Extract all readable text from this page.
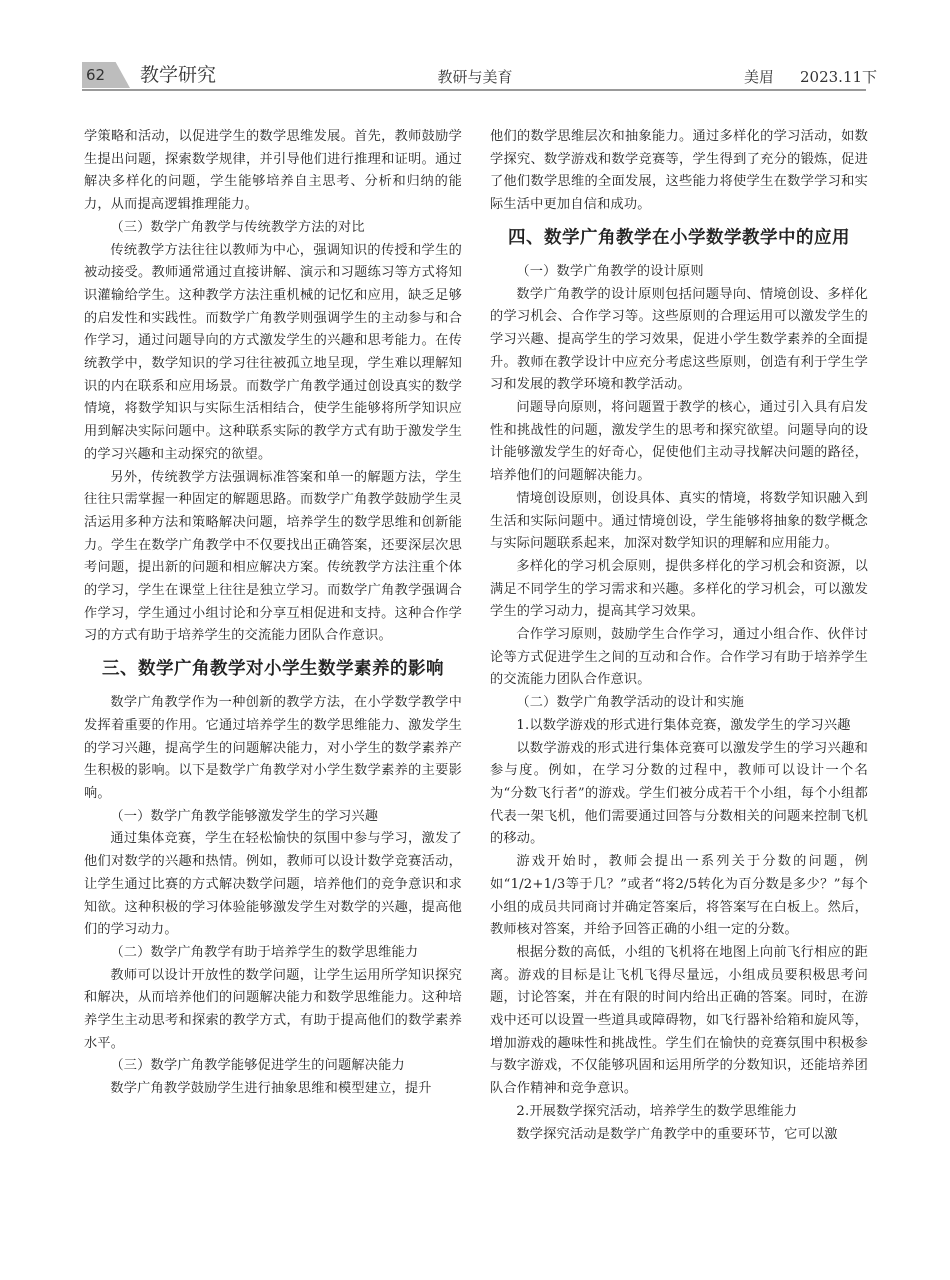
62	教学研究	教研与美育	美眉 2023.11下

学策略和活动，以促进学生的数学思维发展。首先，教师鼓励学生提出问题，探索数学规律，并引导他们进行推理和证明。通过解决多样化的问题，学生能够培养自主思考、分析和归纳的能力，从而提高逻辑推理能力。

（三）数学广角教学与传统教学方法的对比

传统教学方法往往以教师为中心，强调知识的传授和学生的被动接受。教师通常通过直接讲解、演示和习题练习等方式将知识灌输给学生。这种教学方法注重机械的记忆和应用，缺乏足够的启发性和实践性。而数学广角教学则强调学生的主动参与和合作学习，通过问题导向的方式激发学生的兴趣和思考能力。在传统教学中，数学知识的学习往往被孤立地呈现，学生难以理解知识的内在联系和应用场景。而数学广角教学通过创设真实的数学情境，将数学知识与实际生活相结合，使学生能够将所学知识应用到解决实际问题中。这种联系实际的教学方式有助于激发学生的学习兴趣和主动探究的欲望。

另外，传统教学方法强调标准答案和单一的解题方法，学生往往只需掌握一种固定的解题思路。而数学广角教学鼓励学生灵活运用多种方法和策略解决问题，培养学生的数学思维和创新能力。学生在数学广角教学中不仅要找出正确答案，还要深层次思考问题，提出新的问题和相应解决方案。传统教学方法注重个体的学习，学生在课堂上往往是独立学习。而数学广角教学强调合作学习，学生通过小组讨论和分享互相促进和支持。这种合作学习的方式有助于培养学生的交流能力团队合作意识。

三、数学广角教学对小学生数学素养的影响

数学广角教学作为一种创新的教学方法，在小学数学教学中发挥着重要的作用。它通过培养学生的数学思维能力、激发学生的学习兴趣，提高学生的问题解决能力，对小学生的数学素养产生积极的影响。以下是数学广角教学对小学生数学素养的主要影响。

（一）数学广角教学能够激发学生的学习兴趣

通过集体竞赛，学生在轻松愉快的氛围中参与学习，激发了他们对数学的兴趣和热情。例如，教师可以设计数学竞赛活动，让学生通过比赛的方式解决数学问题，培养他们的竞争意识和求知欲。这种积极的学习体验能够激发学生对数学的兴趣，提高他们的学习动力。

（二）数学广角教学有助于培养学生的数学思维能力

教师可以设计开放性的数学问题，让学生运用所学知识探究和解决，从而培养他们的问题解决能力和数学思维能力。这种培养学生主动思考和探索的教学方式，有助于提高他们的数学素养水平。

（三）数学广角教学能够促进学生的问题解决能力

数学广角教学鼓励学生进行抽象思维和模型建立，提升

他们的数学思维层次和抽象能力。通过多样化的学习活动，如数学探究、数学游戏和数学竞赛等，学生得到了充分的锻炼，促进了他们数学思维的全面发展，这些能力将使学生在数学学习和实际生活中更加自信和成功。

四、数学广角教学在小学数学教学中的应用

（一）数学广角教学的设计原则

数学广角教学的设计原则包括问题导向、情境创设、多样化的学习机会、合作学习等。这些原则的合理运用可以激发学生的学习兴趣、提高学生的学习效果，促进小学生数学素养的全面提升。教师在教学设计中应充分考虑这些原则，创造有利于学生学习和发展的教学环境和教学活动。

问题导向原则，将问题置于教学的核心，通过引入具有启发性和挑战性的问题，激发学生的思考和探究欲望。问题导向的设计能够激发学生的好奇心，促使他们主动寻找解决问题的路径，培养他们的问题解决能力。

情境创设原则，创设具体、真实的情境，将数学知识融入到生活和实际问题中。通过情境创设，学生能够将抽象的数学概念与实际问题联系起来，加深对数学知识的理解和应用能力。

多样化的学习机会原则，提供多样化的学习机会和资源，以满足不同学生的学习需求和兴趣。多样化的学习机会，可以激发学生的学习动力，提高其学习效果。

合作学习原则，鼓励学生合作学习，通过小组合作、伙伴讨论等方式促进学生之间的互动和合作。合作学习有助于培养学生的交流能力团队合作意识。

（二）数学广角教学活动的设计和实施

1.以数学游戏的形式进行集体竞赛，激发学生的学习兴趣

以数学游戏的形式进行集体竞赛可以激发学生的学习兴趣和参与度。例如，在学习分数的过程中，教师可以设计一个名为“分数飞行者”的游戏。学生们被分成若干个小组，每个小组都代表一架飞机，他们需要通过回答与分数相关的问题来控制飞机的移动。

游戏开始时，教师会提出一系列关于分数的问题，例如“1/2+1/3等于几？”或者“将2/5转化为百分数是多少？”每个小组的成员共同商讨并确定答案后，将答案写在白板上。然后，教师核对答案，并给予回答正确的小组一定的分数。

根据分数的高低，小组的飞机将在地图上向前飞行相应的距离。游戏的目标是让飞机飞得尽量远，小组成员要积极思考问题，讨论答案，并在有限的时间内给出正确的答案。同时，在游戏中还可以设置一些道具或障碍物，如飞行器补给箱和旋风等，增加游戏的趣味性和挑战性。学生们在愉快的竞赛氛围中积极参与数字游戏，不仅能够巩固和运用所学的分数知识，还能培养团队合作精神和竞争意识。

2.开展数学探究活动，培养学生的数学思维能力

数学探究活动是数学广角教学中的重要环节，它可以激
